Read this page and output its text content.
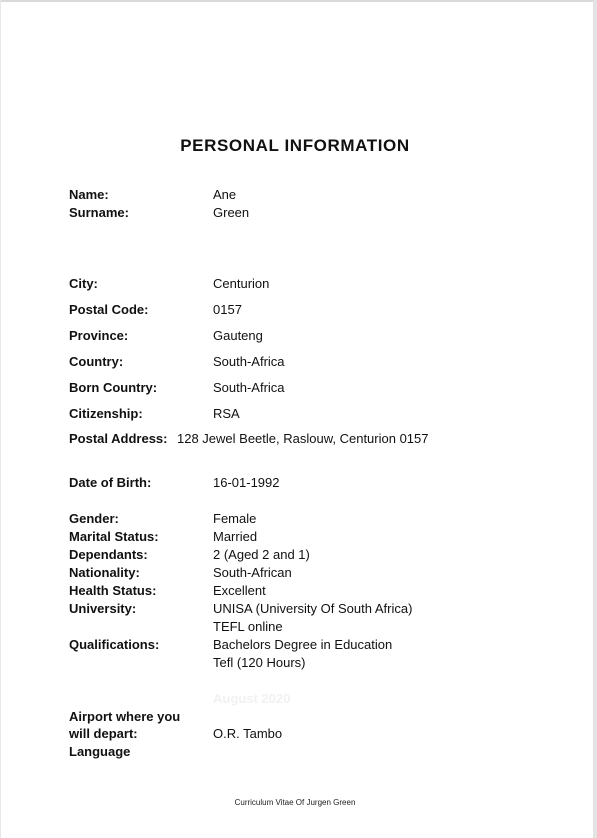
PERSONAL INFORMATION
Name:	Ane
Surname:	Green
City:	Centurion
Postal Code:	0157
Province:	Gauteng
Country:	South-Africa
Born Country:	South-Africa
Citizenship:	RSA
Postal Address: 128 Jewel Beetle, Raslouw, Centurion 0157
Date of Birth:	16-01-1992
Gender:	Female
Marital Status:	Married
Dependants:	2 (Aged 2 and 1)
Nationality:	South-African
Health Status:	Excellent
University:	UNISA (University Of South Africa)
TEFL online
Qualifications:	Bachelors Degree in Education
Tefl (120 Hours)
August 2020
Airport where you
will depart:	O.R. Tambo
Language
Curriculum Vitae Of Jurgen Green
